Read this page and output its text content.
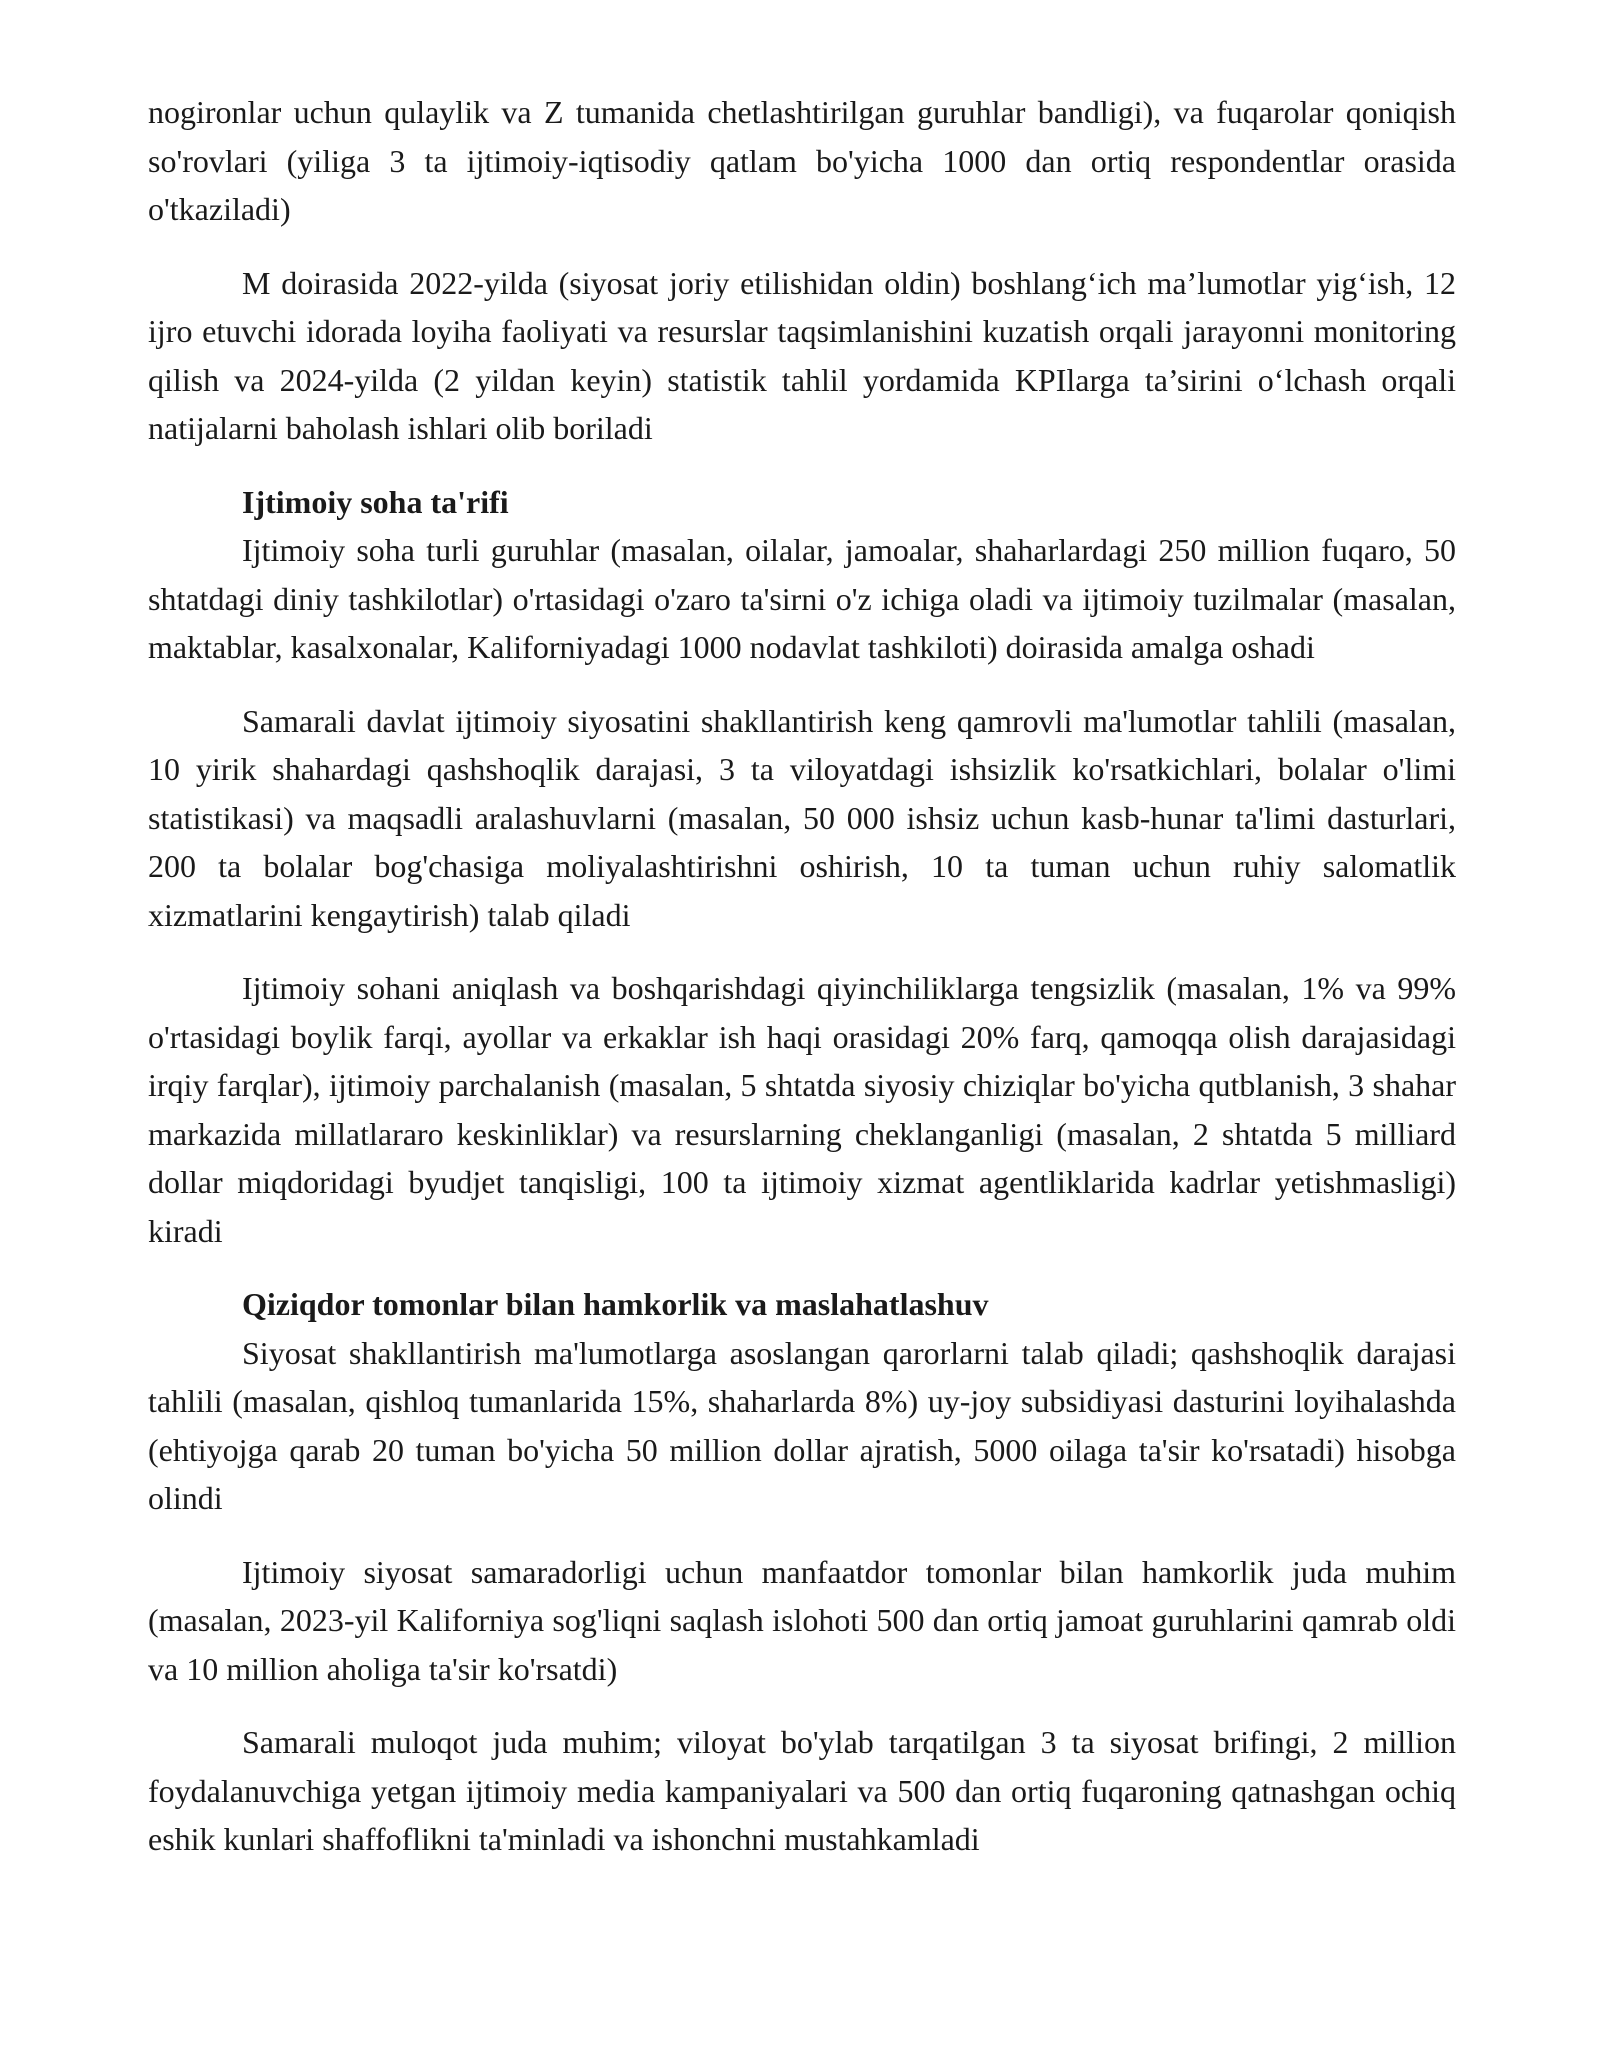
nogironlar uchun qulaylik va Z tumanida chetlashtirilgan guruhlar bandligi), va fuqarolar qoniqish so'rovlari (yiliga 3 ta ijtimoiy-iqtisodiy qatlam bo'yicha 1000 dan ortiq respondentlar orasida o'tkaziladi)

M doirasida 2022-yilda (siyosat joriy etilishidan oldin) boshlang‘ich ma’lumotlar yig‘ish, 12 ijro etuvchi idorada loyiha faoliyati va resurslar taqsimlanishini kuzatish orqali jarayonni monitoring qilish va 2024-yilda (2 yildan keyin) statistik tahlil yordamida KPIlarga ta’sirini o‘lchash orqali natijalarni baholash ishlari olib boriladi

Ijtimoiy soha ta'rifi

Ijtimoiy soha turli guruhlar (masalan, oilalar, jamoalar, shaharlardagi 250 million fuqaro, 50 shtatdagi diniy tashkilotlar) o'rtasidagi o'zaro ta'sirni o'z ichiga oladi va ijtimoiy tuzilmalar (masalan, maktablar, kasalxonalar, Kaliforniyadagi 1000 nodavlat tashkiloti) doirasida amalga oshadi

Samarali davlat ijtimoiy siyosatini shakllantirish keng qamrovli ma'lumotlar tahlili (masalan, 10 yirik shahardagi qashshoqlik darajasi, 3 ta viloyatdagi ishsizlik ko'rsatkichlari, bolalar o'limi statistikasi) va maqsadli aralashuvlarni (masalan, 50 000 ishsiz uchun kasb-hunar ta'limi dasturlari, 200 ta bolalar bog'chasiga moliyalashtirishni oshirish, 10 ta tuman uchun ruhiy salomatlik xizmatlarini kengaytirish) talab qiladi

Ijtimoiy sohani aniqlash va boshqarishdagi qiyinchiliklarga tengsizlik (masalan, 1% va 99% o'rtasidagi boylik farqi, ayollar va erkaklar ish haqi orasidagi 20% farq, qamoqqa olish darajasidagi irqiy farqlar), ijtimoiy parchalanish (masalan, 5 shtatda siyosiy chiziqlar bo'yicha qutblanish, 3 shahar markazida millatlararo keskinliklar) va resurslarning cheklanganligi (masalan, 2 shtatda 5 milliard dollar miqdoridagi byudjet tanqisligi, 100 ta ijtimoiy xizmat agentliklarida kadrlar yetishmasligi) kiradi

Qiziqdor tomonlar bilan hamkorlik va maslahatlashuv

Siyosat shakllantirish ma'lumotlarga asoslangan qarorlarni talab qiladi; qashshoqlik darajasi tahlili (masalan, qishloq tumanlarida 15%, shaharlarda 8%) uy-joy subsidiyasi dasturini loyihalashda (ehtiyojga qarab 20 tuman bo'yicha 50 million dollar ajratish, 5000 oilaga ta'sir ko'rsatadi) hisobga olindi

Ijtimoiy siyosat samaradorligi uchun manfaatdor tomonlar bilan hamkorlik juda muhim (masalan, 2023-yil Kaliforniya sog'liqni saqlash islohoti 500 dan ortiq jamoat guruhlarini qamrab oldi va 10 million aholiga ta'sir ko'rsatdi)

Samarali muloqot juda muhim; viloyat bo'ylab tarqatilgan 3 ta siyosat brifingi, 2 million foydalanuvchiga yetgan ijtimoiy media kampaniyalari va 500 dan ortiq fuqaroning qatnashgan ochiq eshik kunlari shaffoflikni ta'minladi va ishonchni mustahkamladi
